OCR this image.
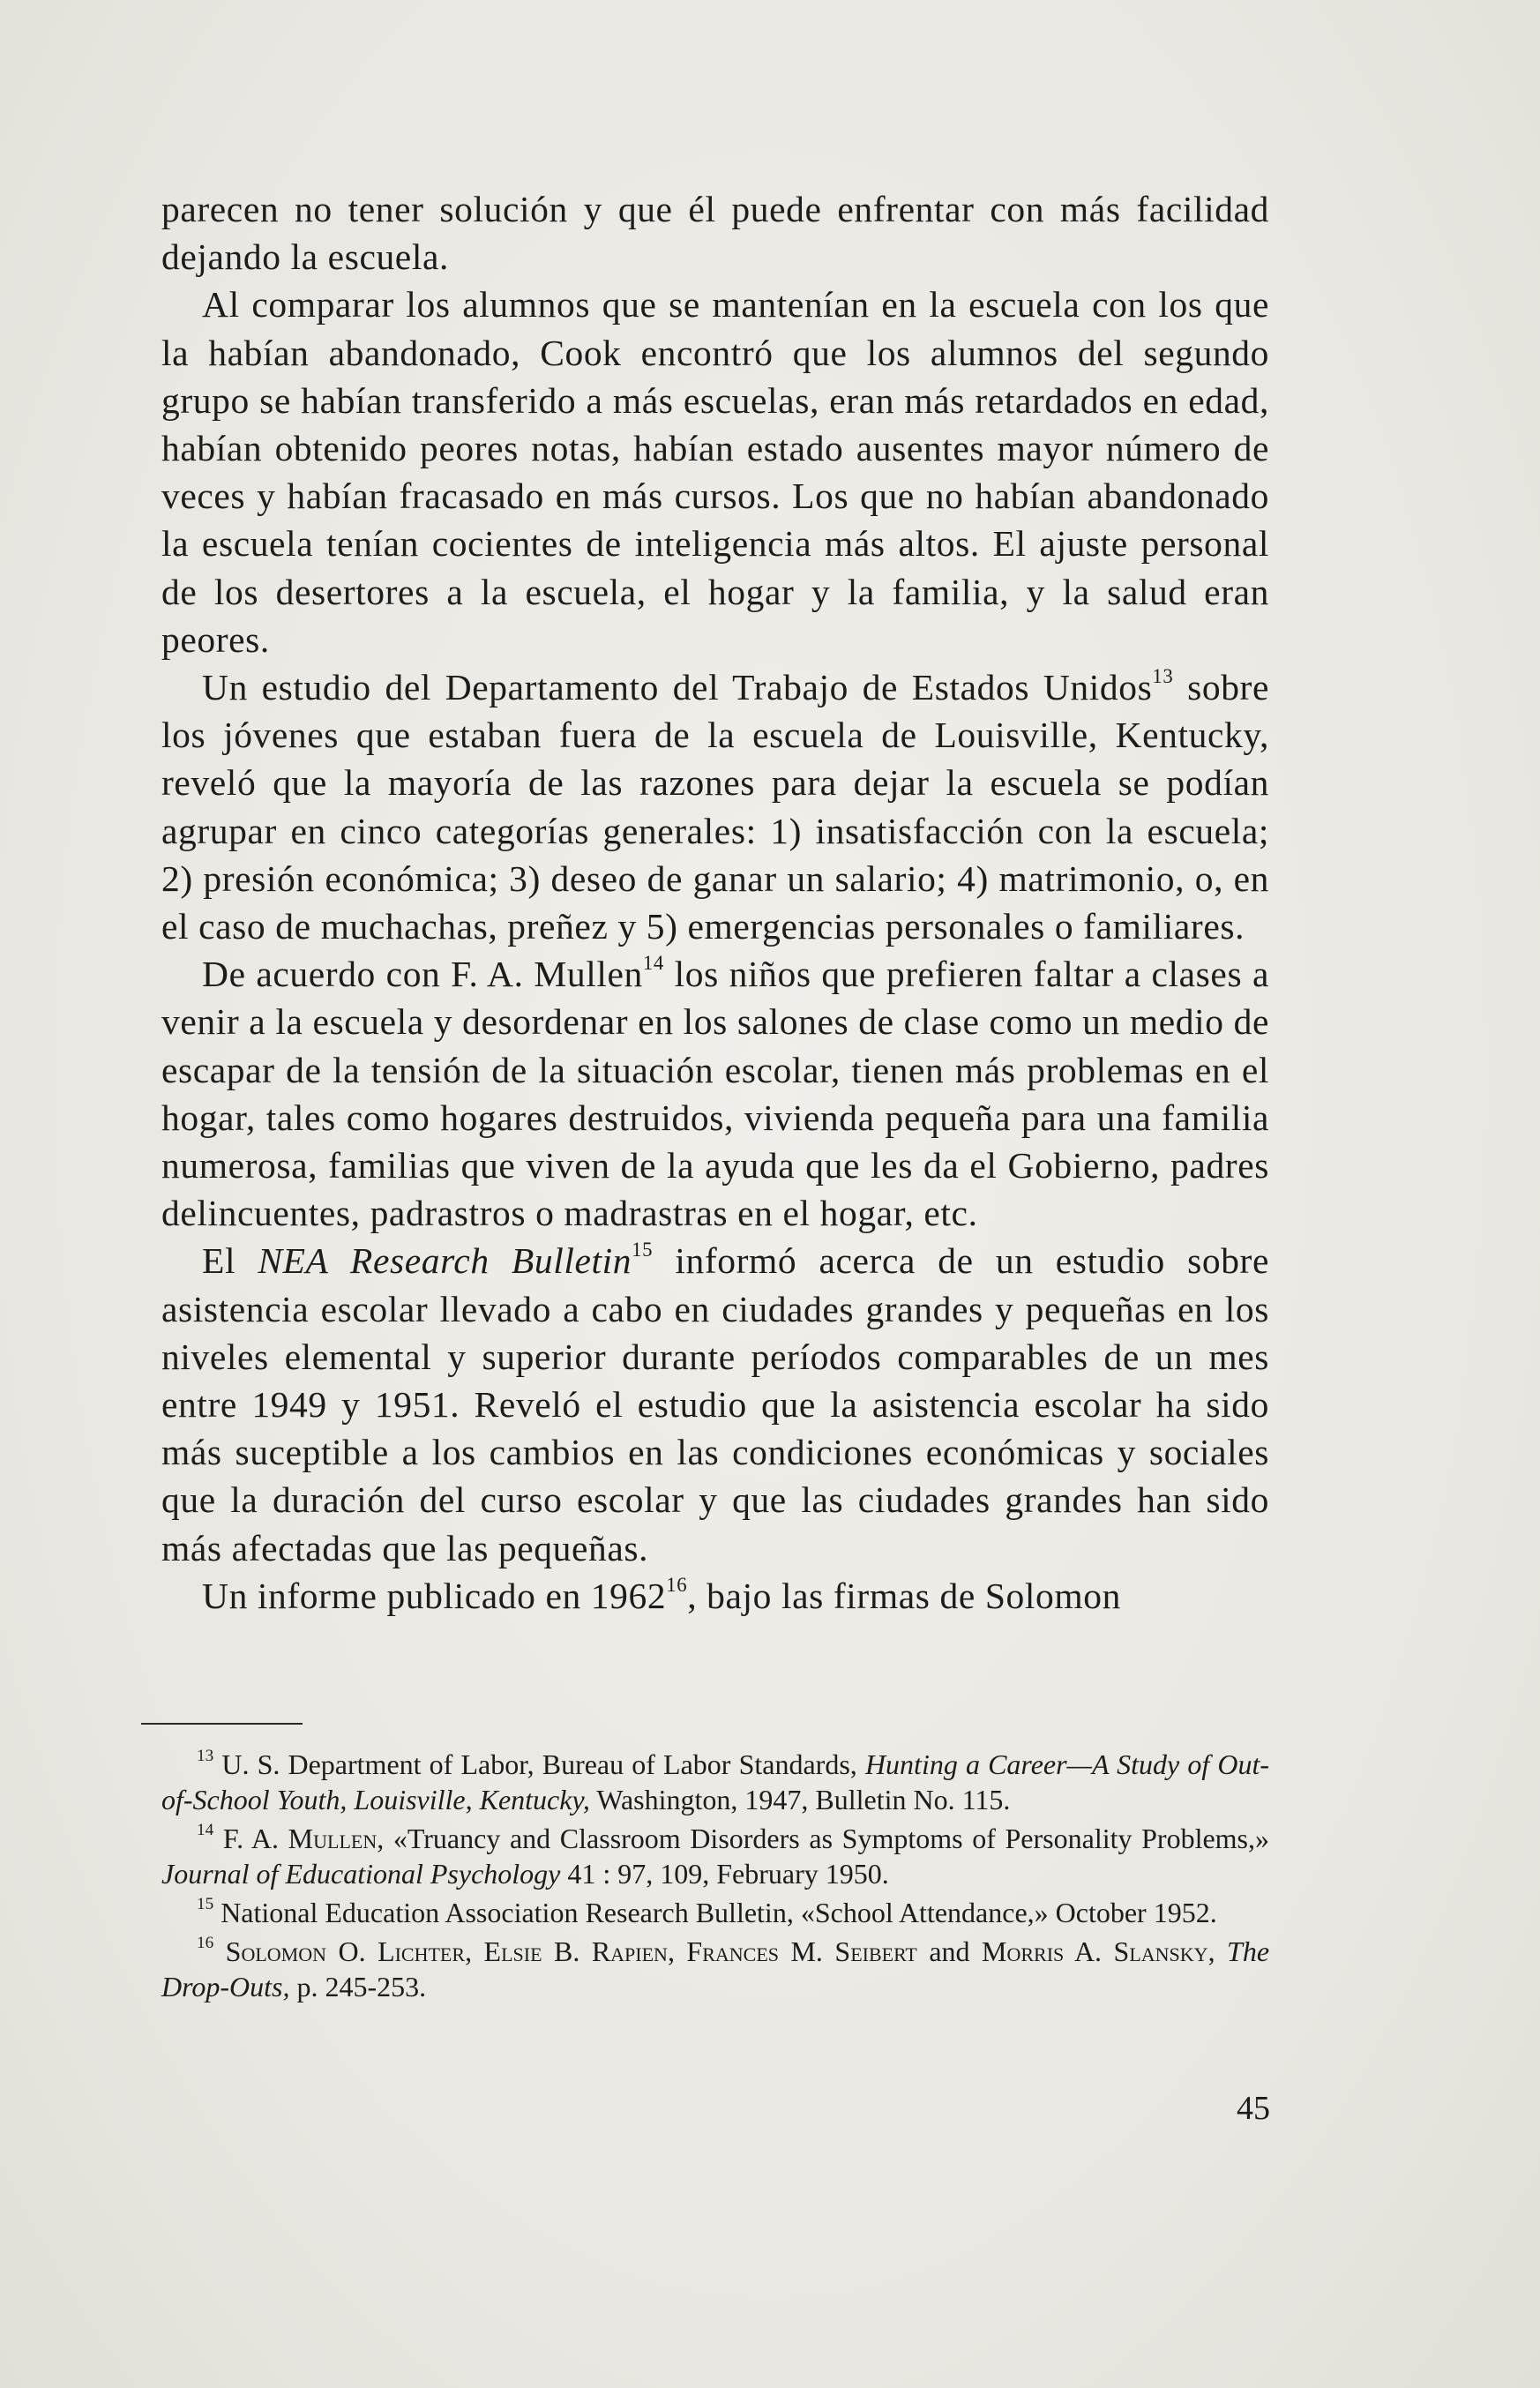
parecen no tener solución y que él puede enfrentar con más facilidad dejando la escuela.

Al comparar los alumnos que se mantenían en la escuela con los que la habían abandonado, Cook encontró que los alumnos del segundo grupo se habían transferido a más escuelas, eran más retardados en edad, habían obtenido peores notas, habían estado ausentes mayor número de veces y habían fracasado en más cursos. Los que no habían abandonado la escuela tenían cocientes de inteligencia más altos. El ajuste personal de los desertores a la escuela, el hogar y la familia, y la salud eran peores.

Un estudio del Departamento del Trabajo de Estados Unidos$^{13}$ sobre los jóvenes que estaban fuera de la escuela de Louisville, Kentucky, reveló que la mayoría de las razones para dejar la escuela se podían agrupar en cinco categorías generales: 1) insatisfacción con la escuela; 2) presión económica; 3) deseo de ganar un salario; 4) matrimonio, o, en el caso de muchachas, preñez y 5) emergencias personales o familiares.

De acuerdo con F. A. Mullen$^{14}$ los niños que prefieren faltar a clases a venir a la escuela y desordenar en los salones de clase como un medio de escapar de la tensión de la situación escolar, tienen más problemas en el hogar, tales como hogares destruidos, vivienda pequeña para una familia numerosa, familias que viven de la ayuda que les da el Gobierno, padres delincuentes, padrastros o madrastras en el hogar, etc.

El NEA Research Bulletin$^{15}$ informó acerca de un estudio sobre asistencia escolar llevado a cabo en ciudades grandes y pequeñas en los niveles elemental y superior durante períodos comparables de un mes entre 1949 y 1951. Reveló el estudio que la asistencia escolar ha sido más suceptible a los cambios en las condiciones económicas y sociales que la duración del curso escolar y que las ciudades grandes han sido más afectadas que las pequeñas.

Un informe publicado en 1962$^{16}$, bajo las firmas de Solomon

$^{13}$ U. S. Department of Labor, Bureau of Labor Standards, Hunting a Career—A Study of Out-of-School Youth, Louisville, Kentucky, Washington, 1947, Bulletin No. 115.

$^{14}$ F. A. Mullen, «Truancy and Classroom Disorders as Symptoms of Personality Problems,» Journal of Educational Psychology 41 : 97, 109, February 1950.

$^{15}$ National Education Association Research Bulletin, «School Attendance,» October 1952.

$^{16}$ Solomon O. Lichter, Elsie B. Rapien, Frances M. Seibert and Morris A. Slansky, The Drop-Outs, p. 245-253.

45
